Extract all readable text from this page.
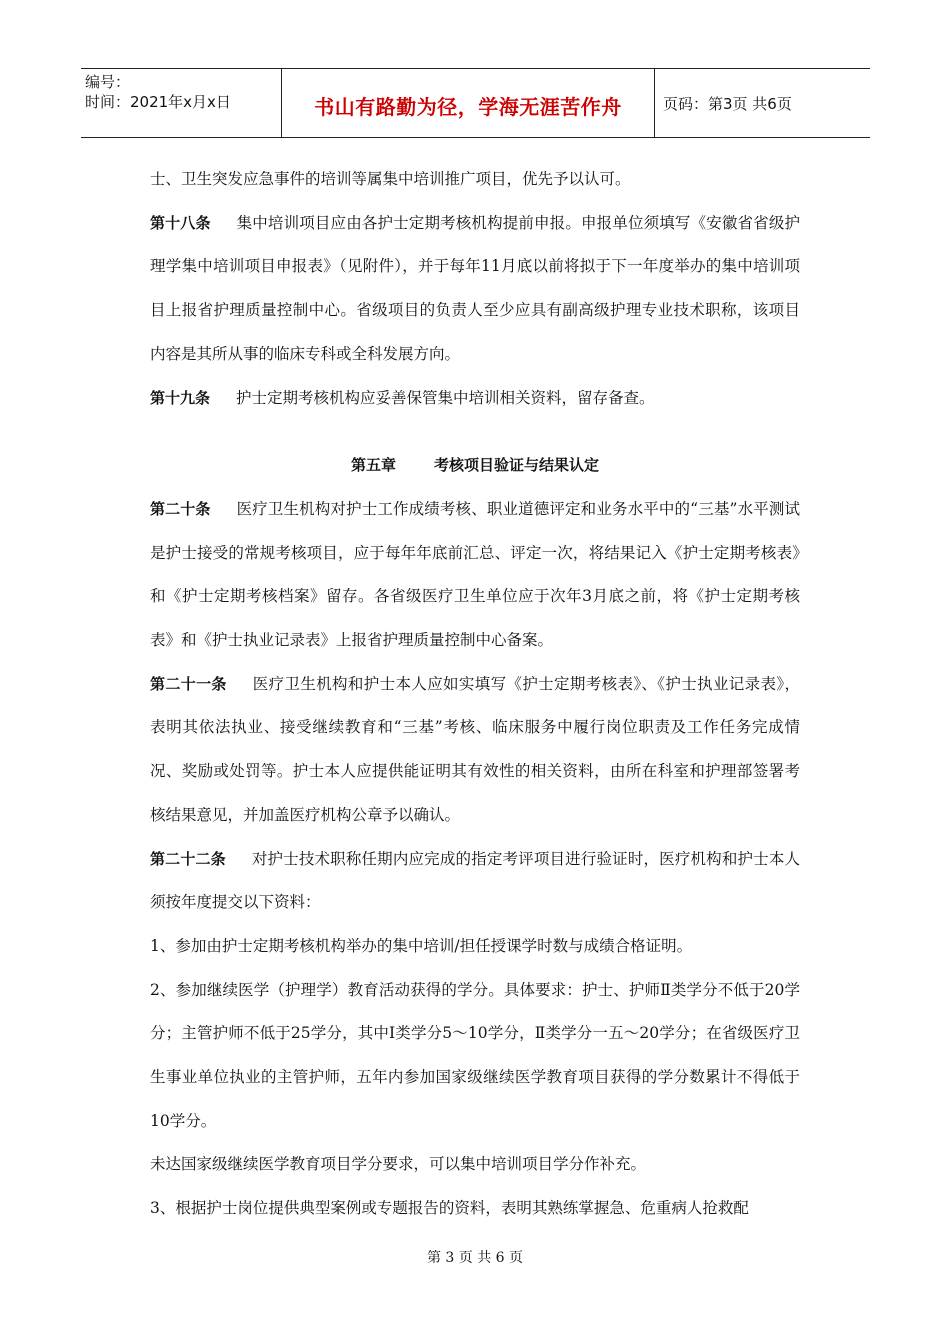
编号：
时间：2021年x月x日	书山有路勤为径，学海无涯苦作舟	页码：第3页 共6页

士、卫生突发应急事件的培训等属集中培训推广项目，优先予以认可。

第十八条 集中培训项目应由各护士定期考核机构提前申报。申报单位须填写《安徽省省级护理学集中培训项目申报表》（见附件），并于每年11月底以前将拟于下一年度举办的集中培训项目上报省护理质量控制中心。省级项目的负责人至少应具有副高级护理专业技术职称，该项目内容是其所从事的临床专科或全科发展方向。

第十九条 护士定期考核机构应妥善保管集中培训相关资料，留存备查。

第五章	考核项目验证与结果认定

第二十条 医疗卫生机构对护士工作成绩考核、职业道德评定和业务水平中的“三基”水平测试是护士接受的常规考核项目，应于每年年底前汇总、评定一次，将结果记入《护士定期考核表》和《护士定期考核档案》留存。各省级医疗卫生单位应于次年3月底之前，将《护士定期考核表》和《护士执业记录表》上报省护理质量控制中心备案。

第二十一条 医疗卫生机构和护士本人应如实填写《护士定期考核表》、《护士执业记录表》，表明其依法执业、接受继续教育和“三基”考核、临床服务中履行岗位职责及工作任务完成情况、奖励或处罚等。护士本人应提供能证明其有效性的相关资料，由所在科室和护理部签署考核结果意见，并加盖医疗机构公章予以确认。

第二十二条 对护士技术职称任期内应完成的指定考评项目进行验证时，医疗机构和护士本人须按年度提交以下资料：

1、参加由护士定期考核机构举办的集中培训/担任授课学时数与成绩合格证明。

2、参加继续医学（护理学）教育活动获得的学分。具体要求：护士、护师Ⅱ类学分不低于20学分；主管护师不低于25学分，其中Ⅰ类学分5～10学分，Ⅱ类学分一五～20学分；在省级医疗卫生事业单位执业的主管护师，五年内参加国家级继续医学教育项目获得的学分数累计不得低于10学分。

未达国家级继续医学教育项目学分要求，可以集中培训项目学分作补充。

3、根据护士岗位提供典型案例或专题报告的资料，表明其熟练掌握急、危重病人抢救配

第 3 页 共 6 页
